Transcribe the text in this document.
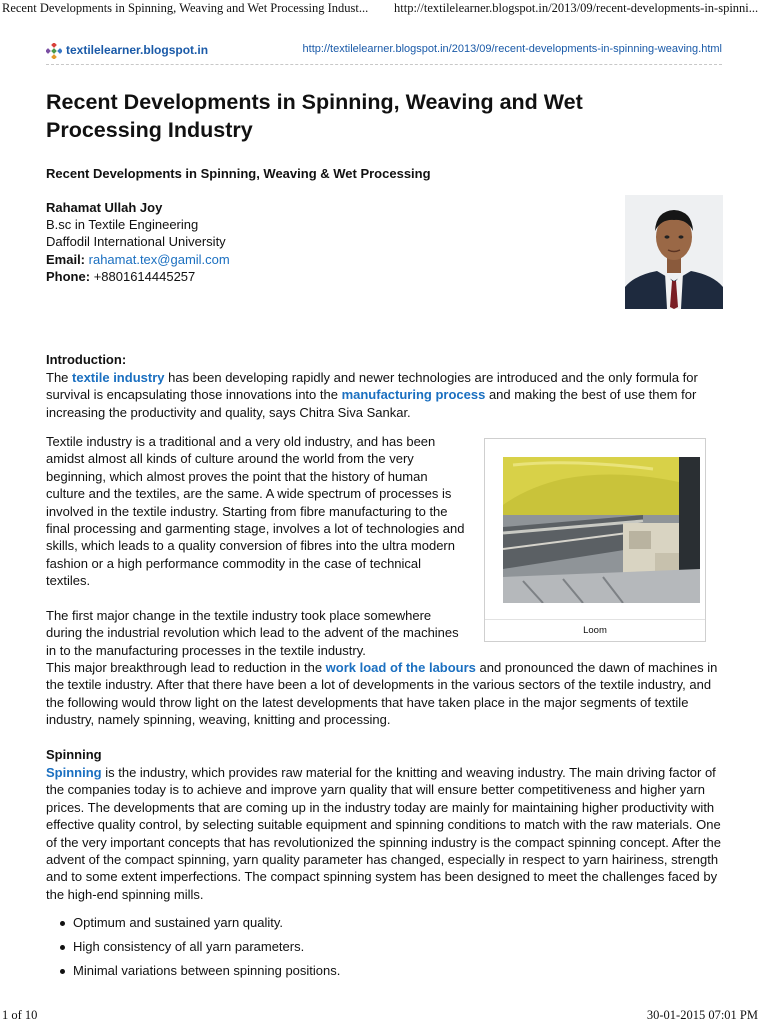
Recent Developments in Spinning, Weaving and Wet Processing Indust... http://textilelearner.blogspot.in/2013/09/recent-developments-in-spinni...
textilelearner.blogspot.in	http://textilelearner.blogspot.in/2013/09/recent-developments-in-spinning-weaving.html
Recent Developments in Spinning, Weaving and Wet Processing Industry
Recent Developments in Spinning, Weaving & Wet Processing
Rahamat Ullah Joy
B.sc in Textile Engineering
Daffodil International University
Email: rahamat.tex@gamil.com
Phone: +8801614445257
Introduction:

The textile industry has been developing rapidly and newer technologies are introduced and the only formula for survival is encapsulating those innovations into the manufacturing process and making the best of use them for increasing the productivity and quality, says Chitra Siva Sankar.

Textile industry is a traditional and a very old industry, and has been amidst almost all kinds of culture around the world from the very beginning, which almost proves the point that the history of human culture and the textiles, are the same. A wide spectrum of processes is involved in the textile industry. Starting from fibre manufacturing to the final processing and garmenting stage, involves a lot of technologies and skills, which leads to a quality conversion of fibres into the ultra modern fashion or a high performance commodity in the case of technical textiles.

The first major change in the textile industry took place somewhere during the industrial revolution which lead to the advent of the machines in to the manufacturing processes in the textile industry.

This major breakthrough lead to reduction in the work load of the labours and pronounced the dawn of machines in the textile industry. After that there have been a lot of developments in the various sectors of the textile industry, and the following would throw light on the latest developments that have taken place in the major segments of textile industry, namely spinning, weaving, knitting and processing.

Loom
Spinning

Spinning is the industry, which provides raw material for the knitting and weaving industry. The main driving factor of the companies today is to achieve and improve yarn quality that will ensure better competitiveness and higher yarn prices. The developments that are coming up in the industry today are mainly for maintaining higher productivity with effective quality control, by selecting suitable equipment and spinning conditions to match with the raw materials. One of the very important concepts that has revolutionized the spinning industry is the compact spinning concept. After the advent of the compact spinning, yarn quality parameter has changed, especially in respect to yarn hairiness, strength and to some extent imperfections. The compact spinning system has been designed to meet the challenges faced by the high-end spinning mills.

Optimum and sustained yarn quality.
High consistency of all yarn parameters.
Minimal variations between spinning positions.
1 of 10	30-01-2015 07:01 PM
